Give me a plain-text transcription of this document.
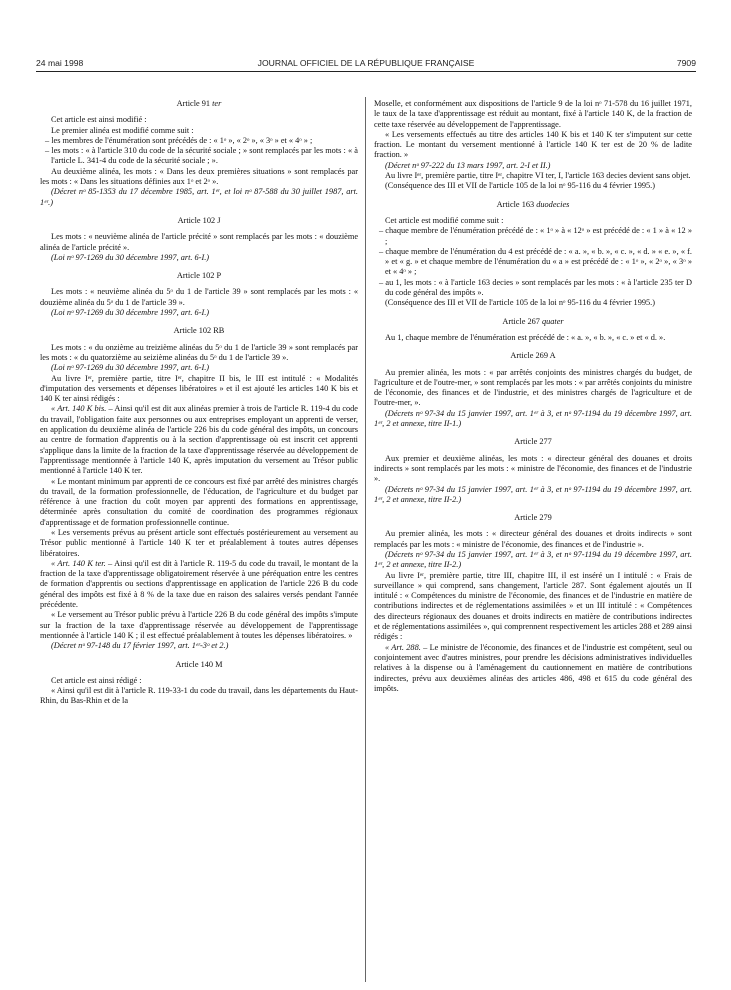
24 mai 1998	JOURNAL OFFICIEL DE LA RÉPUBLIQUE FRANÇAISE	7909

Article 91 ter

Cet article est ainsi modifié :

Le premier alinéa est modifié comme suit :

– les membres de l'énumération sont précédés de : « 1ᵒ », « 2ᵒ », « 3ᵒ » et « 4ᵒ » ;

– les mots : « à l'article 310 du code de la sécurité sociale ; » sont remplacés par les mots : « à l'article L. 341-4 du code de la sécurité sociale ; ».

Au deuxième alinéa, les mots : « Dans les deux premières situations » sont remplacés par les mots : « Dans les situations définies aux 1ᵒ et 2ᵒ ».

(Décret nᵒ 85-1353 du 17 décembre 1985, art. 1ᵉʳ, et loi nᵒ 87-588 du 30 juillet 1987, art. 1ᵉʳ.)

Article 102 J

Les mots : « neuvième alinéa de l'article précité » sont remplacés par les mots : « douzième alinéa de l'article précité ».

(Loi nᵒ 97-1269 du 30 décembre 1997, art. 6-I.)

Article 102 P

Les mots : « neuvième alinéa du 5ᵒ du 1 de l'article 39 » sont remplacés par les mots : « douzième alinéa du 5ᵒ du 1 de l'article 39 ».

(Loi nᵒ 97-1269 du 30 décembre 1997, art. 6-I.)

Article 102 RB

Les mots : « du onzième au treizième alinéas du 5ᵒ du 1 de l'article 39 » sont remplacés par les mots : « du quatorzième au seizième alinéas du 5ᵒ du 1 de l'article 39 ».

(Loi nᵒ 97-1269 du 30 décembre 1997, art. 6-I.)

Au livre Iᵉʳ, première partie, titre Iᵉʳ, chapitre II bis, le III est intitulé : « Modalités d'imputation des versements et dépenses libératoires » et il est ajouté les articles 140 K bis et 140 K ter ainsi rédigés :

« Art. 140 K bis. – Ainsi qu'il est dit aux alinéas premier à trois de l'article R. 119-4 du code du travail, l'obligation faite aux personnes ou aux entreprises employant un apprenti de verser, en application du deuxième alinéa de l'article 226 bis du code général des impôts, un concours au centre de formation d'apprentis ou à la section d'apprentissage où est inscrit cet apprenti s'applique dans la limite de la fraction de la taxe d'apprentissage réservée au développement de l'apprentissage mentionnée à l'article 140 K, après imputation du versement au Trésor public mentionné à l'article 140 K ter.

« Le montant minimum par apprenti de ce concours est fixé par arrêté des ministres chargés du travail, de la formation professionnelle, de l'éducation, de l'agriculture et du budget par référence à une fraction du coût moyen par apprenti des formations en apprentissage, déterminée après consultation du comité de coordination des programmes régionaux d'apprentissage et de formation professionnelle continue.

« Les versements prévus au présent article sont effectués postérieurement au versement au Trésor public mentionné à l'article 140 K ter et préalablement à toutes autres dépenses libératoires.

« Art. 140 K ter. – Ainsi qu'il est dit à l'article R. 119-5 du code du travail, le montant de la fraction de la taxe d'apprentissage obligatoirement réservée à une péréquation entre les centres de formation d'apprentis ou sections d'apprentissage en application de l'article 226 B du code général des impôts est fixé à 8 % de la taxe due en raison des salaires versés pendant l'année précédente.

« Le versement au Trésor public prévu à l'article 226 B du code général des impôts s'impute sur la fraction de la taxe d'apprentissage réservée au développement de l'apprentissage mentionnée à l'article 140 K ; il est effectué préalablement à toutes les dépenses libératoires. »

(Décret nᵒ 97-148 du 17 février 1997, art. 1ᵉʳ-3ᵒ et 2.)

Article 140 M

Cet article est ainsi rédigé :

« Ainsi qu'il est dit à l'article R. 119-33-1 du code du travail, dans les départements du Haut-Rhin, du Bas-Rhin et de la

Moselle, et conformément aux dispositions de l'article 9 de la loi nᵒ 71-578 du 16 juillet 1971, le taux de la taxe d'apprentissage est réduit au montant, fixé à l'article 140 K, de la fraction de cette taxe réservée au développement de l'apprentissage.

« Les versements effectués au titre des articles 140 K bis et 140 K ter s'imputent sur cette fraction. Le montant du versement mentionné à l'article 140 K ter est de 20 % de ladite fraction. »

(Décret nᵒ 97-222 du 13 mars 1997, art. 2-I et II.)

Au livre Iᵉʳ, première partie, titre Iᵉʳ, chapitre VI ter, I, l'article 163 decies devient sans objet.

(Conséquence des III et VII de l'article 105 de la loi nᵒ 95-116 du 4 février 1995.)

Article 163 duodecies

Cet article est modifié comme suit :

– chaque membre de l'énumération précédé de : « 1ᵒ » à « 12ᵒ » est précédé de : « 1 » à « 12 » ;

– chaque membre de l'énumération du 4 est précédé de : « a. », « b. », « c. », « d. » « e. », « f. » et « g. » et chaque membre de l'énumération du « a » est précédé de : « 1ᵒ », « 2ᵒ », « 3ᵒ » et « 4ᵒ » ;

– au 1, les mots : « à l'article 163 decies » sont remplacés par les mots : « à l'article 235 ter D du code général des impôts ».

(Conséquence des III et VII de l'article 105 de la loi nᵒ 95-116 du 4 février 1995.)

Article 267 quater

Au 1, chaque membre de l'énumération est précédé de : « a. », « b. », « c. » et « d. ».

Article 269 A

Au premier alinéa, les mots : « par arrêtés conjoints des ministres chargés du budget, de l'agriculture et de l'outre-mer, » sont remplacés par les mots : « par arrêtés conjoints du ministre de l'économie, des finances et de l'industrie, et des ministres chargés de l'agriculture et de l'outre-mer, ».

(Décrets nᵒ 97-34 du 15 janvier 1997, art. 1ᵉʳ à 3, et nᵒ 97-1194 du 19 décembre 1997, art. 1ᵉʳ, 2 et annexe, titre II-1.)

Article 277

Aux premier et deuxième alinéas, les mots : « directeur général des douanes et droits indirects » sont remplacés par les mots : « ministre de l'économie, des finances et de l'industrie ».

(Décrets nᵒ 97-34 du 15 janvier 1997, art. 1ᵉʳ à 3, et nᵒ 97-1194 du 19 décembre 1997, art. 1ᵉʳ, 2 et annexe, titre II-2.)

Article 279

Au premier alinéa, les mots : « directeur général des douanes et droits indirects » sont remplacés par les mots : « ministre de l'économie, des finances et de l'industrie ».

(Décrets nᵒ 97-34 du 15 janvier 1997, art. 1ᵉʳ à 3, et nᵒ 97-1194 du 19 décembre 1997, art. 1ᵉʳ, 2 et annexe, titre II-2.)

Au livre Iᵉʳ, première partie, titre III, chapitre III, il est inséré un I intitulé : « Frais de surveillance » qui comprend, sans changement, l'article 287. Sont également ajoutés un II intitulé : « Compétences du ministre de l'économie, des finances et de l'industrie en matière de contributions indirectes et de réglementations assimilées » et un III intitulé : « Compétences des directeurs régionaux des douanes et droits indirects en matière de contributions indirectes et de réglementations assimilées », qui comprennent respectivement les articles 288 et 289 ainsi rédigés :

« Art. 288. – Le ministre de l'économie, des finances et de l'industrie est compétent, seul ou conjointement avec d'autres ministres, pour prendre les décisions administratives individuelles relatives à la dispense ou à l'aménagement du cautionnement en matière de contributions indirectes, prévu aux deuxièmes alinéas des articles 486, 498 et 615 du code général des impôts.
